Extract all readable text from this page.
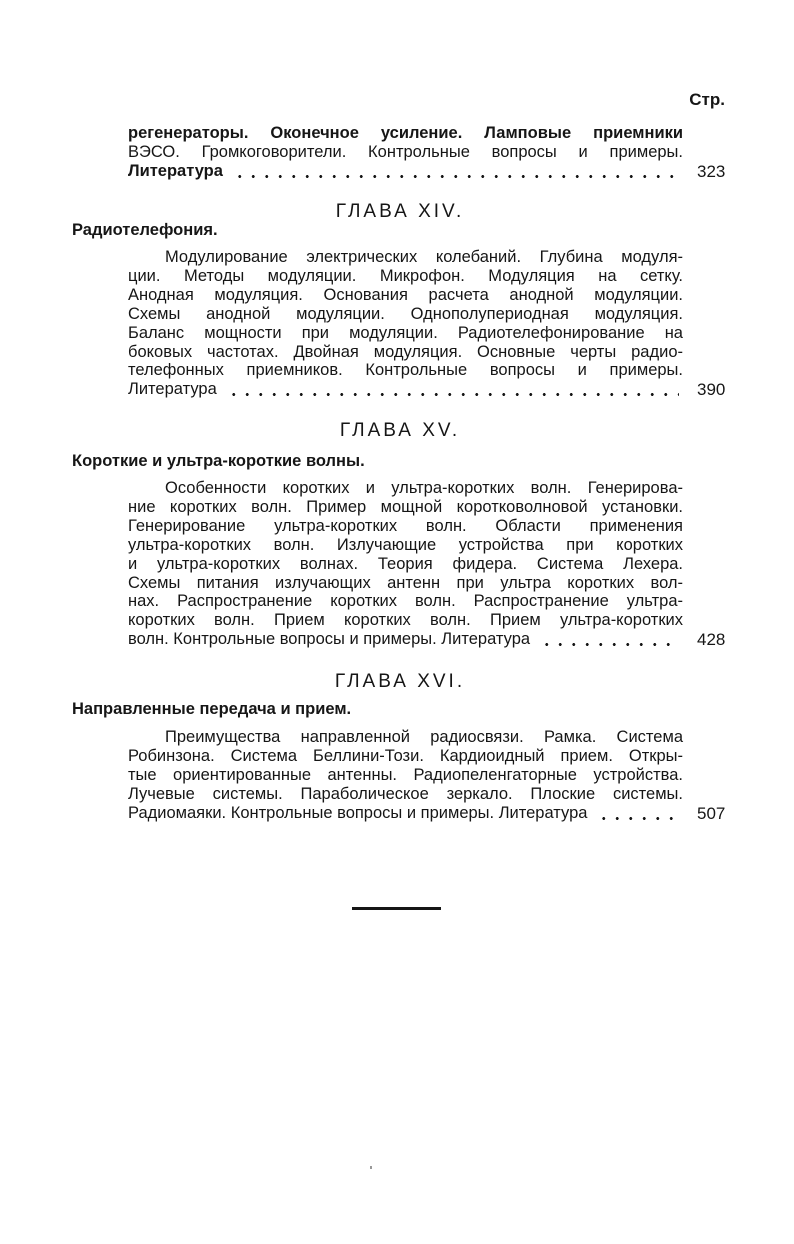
Стр.
регенераторы. Оконечное усиление. Ламповые приемники
ВЭСО. Громкоговорители. Контрольные вопросы и примеры.
323
Литература
ГЛАВА XIV.
Радиотелефония.
Модулирование электрических колебаний. Глубина модуля-
ции. Методы модуляции. Микрофон. Модуляция на сетку.
Анодная модуляция. Основания расчета анодной модуляции.
Схемы анодной модуляции. Однополупериодная модуляция.
Баланс мощности при модуляции. Радиотелефонирование на
боковых частотах. Двойная модуляция. Основные черты радио-
телефонных приемников. Контрольные вопросы и примеры.
390
Литература
ГЛАВА XV.
Короткие и ультра-короткие волны.
Особенности коротких и ультра-коротких волн. Генерирова-
ние коротких волн. Пример мощной коротковолновой установки.
Генерирование ультра-коротких волн. Области применения
ультра-коротких волн. Излучающие устройства при коротких
и ультра-коротких волнах. Теория фидера. Система Лехера.
Схемы питания излучающих антенн при ультра коротких вол-
нах. Распространение коротких волн. Распространение ультра-
коротких волн. Прием коротких волн. Прием ультра-коротких
428
волн. Контрольные вопросы и примеры. Литература
ГЛАВА XVI.
Направленные передача и прием.
Преимущества направленной радиосвязи. Рамка. Система
Робинзона. Система Беллини-Този. Кардиоидный прием. Откры-
тые ориентированные антенны. Радиопеленгаторные устройства.
Лучевые системы. Параболическое зеркало. Плоские системы.
507
Радиомаяки. Контрольные вопросы и примеры. Литература
